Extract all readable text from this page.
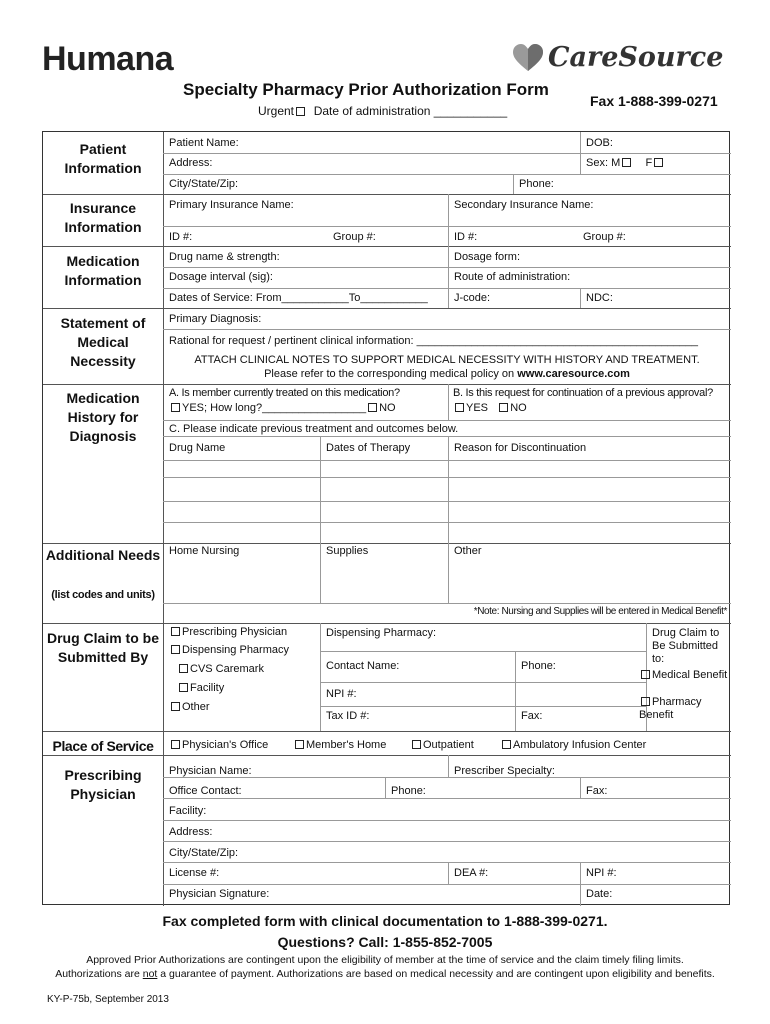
Humana	CareSource
Specialty Pharmacy Prior Authorization Form
Fax 1-888-399-0271
Urgent Date of administration ___________
Patient Information
Patient Name:	DOB:
Address:	Sex: M F
City/State/Zip:	Phone:
Insurance Information
Primary Insurance Name:	Secondary Insurance Name:
ID #:	Group #:	ID #:	Group #:
Medication Information
Drug name & strength:	Dosage form:
Dosage interval (sig):	Route of administration:
Dates of Service: From___________To___________ J-code:	NDC:
Statement of Medical Necessity
Primary Diagnosis:
Rational for request / pertinent clinical information: ______________________________________________
ATTACH CLINICAL NOTES TO SUPPORT MEDICAL NECESSITY WITH HISTORY AND TREATMENT.
Please refer to the corresponding medical policy on www.caresource.com
Medication History for Diagnosis
A. Is member currently treated on this medication?	B. Is this request for continuation of a previous approval?
YES; How long?_________________ NO	YES NO
C. Please indicate previous treatment and outcomes below.
Drug Name	Dates of Therapy	Reason for Discontinuation
Additional Needs
(list codes and units)
Home Nursing	Supplies	Other
*Note: Nursing and Supplies will be entered in Medical Benefit*
Drug Claim to be Submitted By
Prescribing Physician
Dispensing Pharmacy
CVS Caremark
Facility
Other
Dispensing Pharmacy:
Contact Name:	Phone:
NPI #:
Tax ID #:	Fax:
Drug Claim to Be Submitted to:
Medical Benefit
Pharmacy Benefit
Place of Service	Physician's Office	Member's Home	Outpatient	Ambulatory Infusion Center
Prescribing Physician
Physician Name:	Prescriber Specialty:
Office Contact:	Phone:	Fax:
Facility:
Address:
City/State/Zip:
License #:	DEA #:	NPI #:
Physician Signature:	Date:
Fax completed form with clinical documentation to 1-888-399-0271.
Questions? Call: 1-855-852-7005
Approved Prior Authorizations are contingent upon the eligibility of member at the time of service and the claim timely filing limits.
Authorizations are not a guarantee of payment. Authorizations are based on medical necessity and are contingent upon eligibility and benefits.
KY-P-75b, September 2013
